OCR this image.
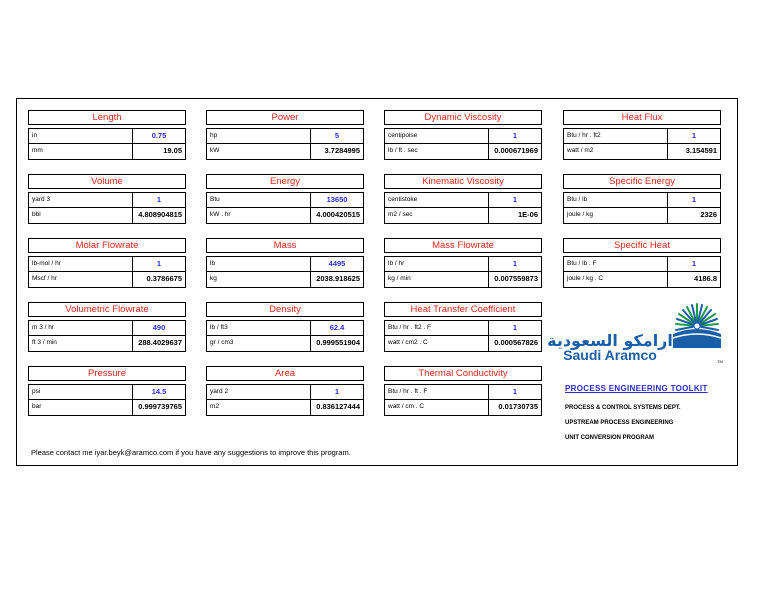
Length
in	0.75
mm	19.05
Power
hp	5
kW	3.7284995
Dynamic Viscosity
centipoise	1
lb / ft . sec	0.000671969
Heat Flux
Btu / hr . ft2	1
watt / m2	3.154591
Volume
yard 3	1
bbl	4.808904815
Energy
Btu	13650
kW . hr	4.000420515
Kinematic Viscosity
centistoke	1
m2 / sec	1E-06
Specific Energy
Btu / lb	1
joule / kg	2326
Molar Flowrate
lb-mol / hr	1
Mscf / hr	0.3786675
Mass
lb	4495
kg	2038.918625
Mass Flowrate
lb / hr	1
kg / min	0.007559873
Specific Heat
Btu / lb . F	1
joule / kg . C	4186.8
Volumetric Flowrate
m 3 / hr	490
ft 3 / min	288.4029637
Density
lb / ft3	62.4
gr / cm3	0.999551904
Heat Transfer Coefficient
Btu / hr . ft2 . F	1
watt / cm2 . C	0.000567826
Pressure
psi	14.5
bar	0.999739765
Area
yard 2	1
m2	0.836127444
Thermal Conductivity
Btu / hr . ft . F	1
watt / cm . C	0.01730735
Please contact me iyar.beyk@aramco.com if you have any suggestions to improve this program.
ارامكو السعودية
Saudi Aramco	TM
PROCESS ENGINEERING TOOLKIT
PROCESS & CONTROL SYSTEMS DEPT.
UPSTREAM PROCESS ENGINEERING
UNIT CONVERSION PROGRAM
